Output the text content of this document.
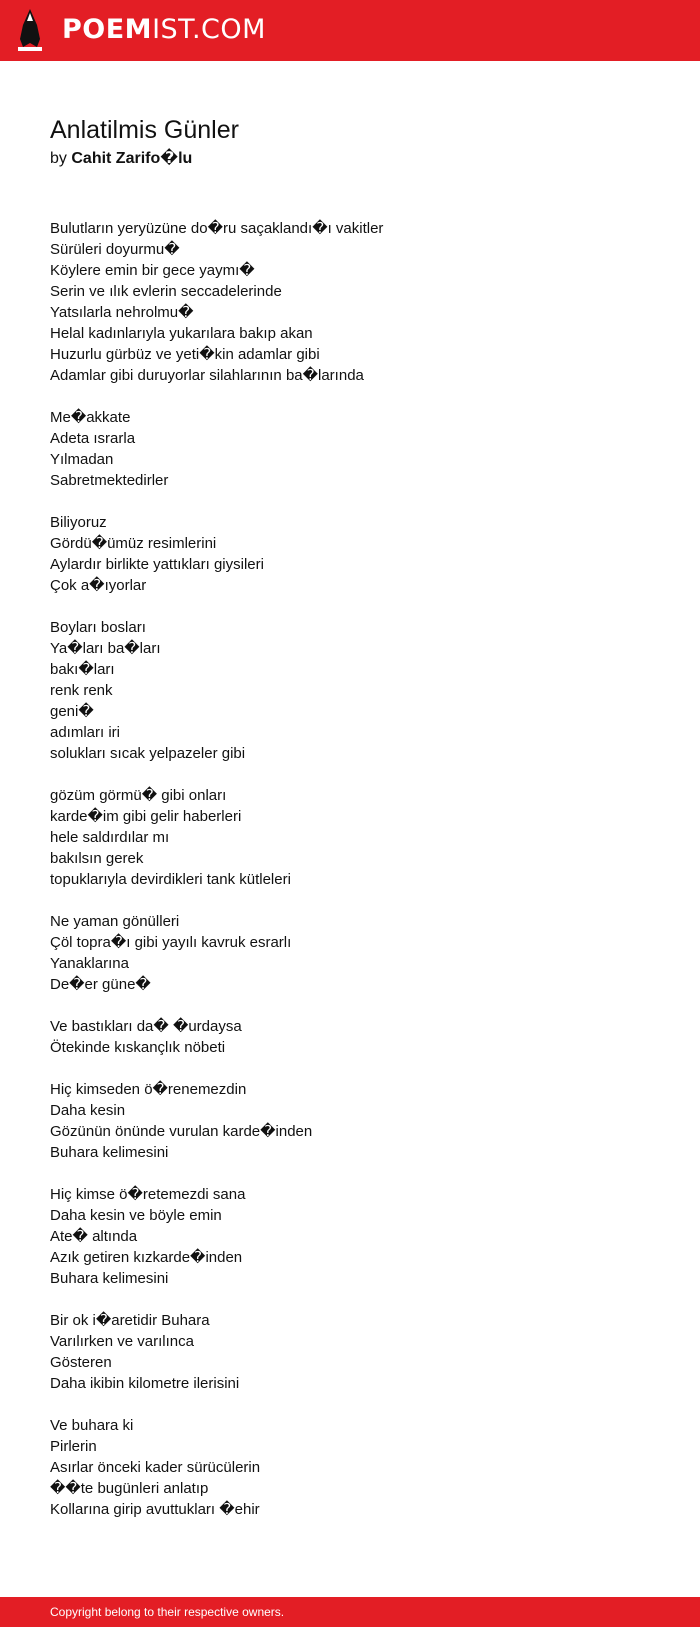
POEMIST.COM
Anlatilmis Günler
by Cahit Zarifo�lu
Bulutların yeryüzüne do�ru saçaklandı�ı vakitler
Sürüleri doyurmu�
Köylere emin bir gece yaymı�
Serin ve ılık evlerin seccadelerinde
Yatsılarla nehrolmu�
Helal kadınlarıyla yukarılara bakıp akan
Huzurlu gürbüz ve yeti�kin adamlar gibi
Adamlar gibi duruyorlar silahlarının ba�larında
Me�akkate
Adeta ısrarla
Yılmadan
Sabretmektedirler
Biliyoruz
Gördü�ümüz resimlerini
Aylardır birlikte yattıkları giysileri
Çok a�ıyorlar
Boyları bosları
Ya�ları ba�ları
bakı�ları
renk renk
geni�
adımları iri
solukları sıcak yelpazeler gibi
gözüm görmü� gibi onları
karde�im gibi gelir haberleri
hele saldırdılar mı
bakılsın gerek
topuklarıyla devirdikleri tank kütleleri
Ne yaman gönülleri
Çöl topra�ı gibi yayılı kavruk esrarlı
Yanaklarına
De�er güne�
Ve bastıkları da� �urdaysa
Ötekinde kıskançlık nöbeti
Hiç kimseden ö�renemezdin
Daha kesin
Gözünün önünde vurulan karde�inden
Buhara kelimesini
Hiç kimse ö�retemezdi sana
Daha kesin ve böyle emin
Ate� altında
Azık getiren kızkarde�inden
Buhara kelimesini
Bir ok i�aretidir Buhara
Varılırken ve varılınca
Gösteren
Daha ikibin kilometre ilerisini
Ve buhara ki
Pirlerin
Asırlar önceki kader sürücülerin
��te bugünleri anlatıp
Kollarına girip avuttukları �ehir
Copyright belong to their respective owners.
